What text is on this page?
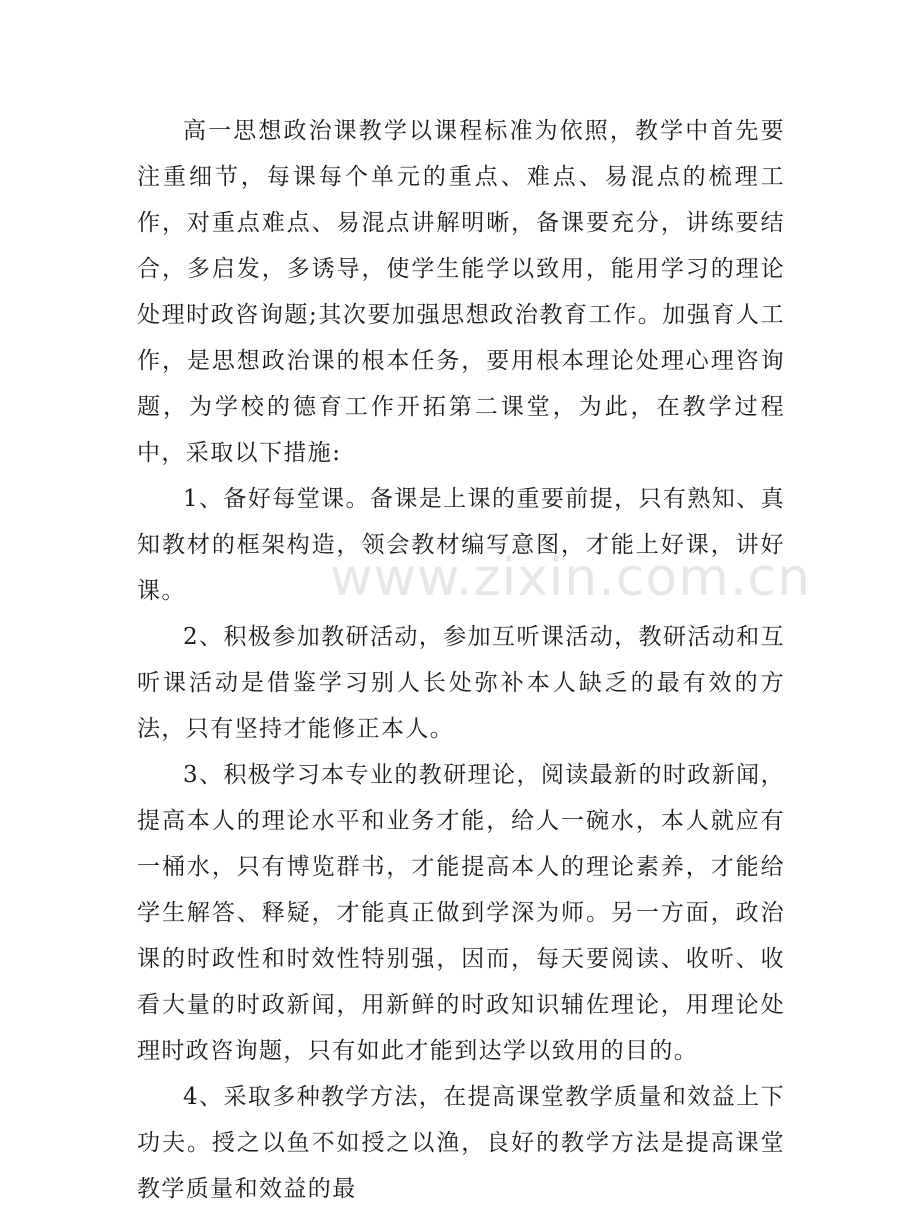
www.zixin.com.cn

高一思想政治课教学以课程标准为依照，教学中首先要注重细节，每课每个单元的重点、难点、易混点的梳理工作，对重点难点、易混点讲解明晰，备课要充分，讲练要结合，多启发，多诱导，使学生能学以致用，能用学习的理论处理时政咨询题;其次要加强思想政治教育工作。加强育人工作，是思想政治课的根本任务，要用根本理论处理心理咨询题，为学校的德育工作开拓第二课堂，为此，在教学过程中，采取以下措施:

1、备好每堂课。备课是上课的重要前提，只有熟知、真知教材的框架构造，领会教材编写意图，才能上好课，讲好课。

2、积极参加教研活动，参加互听课活动，教研活动和互听课活动是借鉴学习别人长处弥补本人缺乏的最有效的方法，只有坚持才能修正本人。

3、积极学习本专业的教研理论，阅读最新的时政新闻，提高本人的理论水平和业务才能，给人一碗水，本人就应有一桶水，只有博览群书，才能提高本人的理论素养，才能给学生解答、释疑，才能真正做到学深为师。另一方面，政治课的时政性和时效性特别强，因而，每天要阅读、收听、收看大量的时政新闻，用新鲜的时政知识辅佐理论，用理论处理时政咨询题，只有如此才能到达学以致用的目的。

4、采取多种教学方法，在提高课堂教学质量和效益上下功夫。授之以鱼不如授之以渔，良好的教学方法是提高课堂教学质量和效益的最
